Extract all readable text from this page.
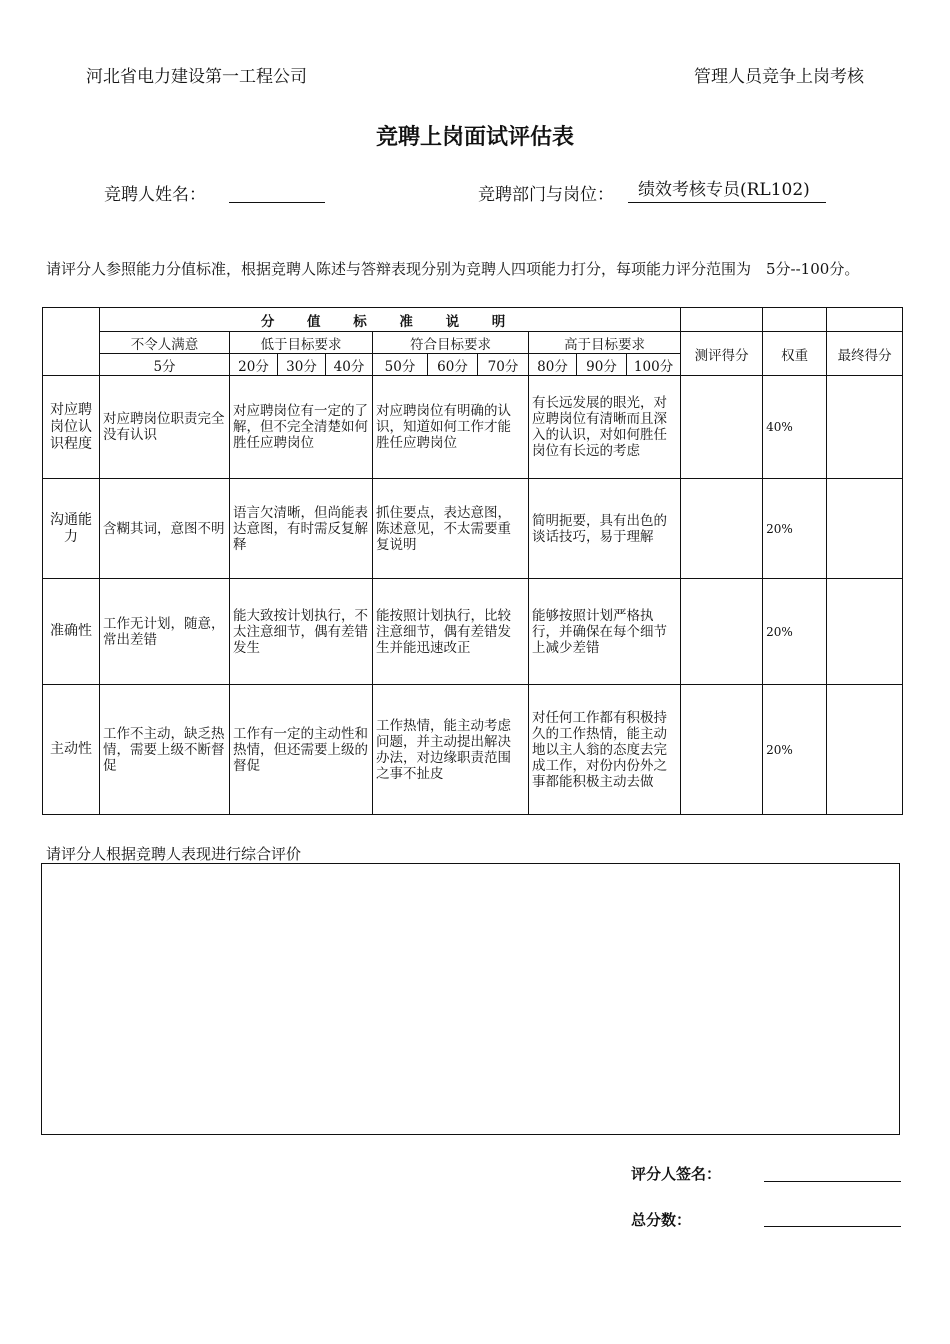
河北省电力建设第一工程公司	管理人员竞争上岗考核
竞聘上岗面试评估表
竞聘人姓名：	竞聘部门与岗位：	绩效考核专员(RL102)
请评分人参照能力分值标准，根据竞聘人陈述与答辩表现分别为竞聘人四项能力打分，每项能力评分范围为　5分--100分。
	分 值 标 准 说 明												
	不令人满意	低于目标要求			符合目标要求			高于目标要求			测评得分	权重	最终得分
	5分	20分	30分	40分	50分	60分	70分	80分	90分	100分			
对应聘岗位认识程度	对应聘岗位职责完全没有认识	对应聘岗位有一定的了解，但不完全清楚如何胜任应聘岗位			对应聘岗位有明确的认识，知道如何工作才能胜任应聘岗位			有长远发展的眼光，对应聘岗位有清晰而且深入的认识，对如何胜任岗位有长远的考虑				40%	
沟通能力	含糊其词，意图不明	语言欠清晰，但尚能表达意图，有时需反复解释			抓住要点，表达意图，陈述意见，不太需要重复说明			简明扼要，具有出色的谈话技巧，易于理解				20%	
准确性	工作无计划，随意，常出差错	能大致按计划执行，不太注意细节，偶有差错发生			能按照计划执行，比较注意细节，偶有差错发生并能迅速改正			能够按照计划严格执行，并确保在每个细节上减少差错				20%	
主动性	工作不主动，缺乏热情，需要上级不断督促	工作有一定的主动性和热情，但还需要上级的督促			工作热情，能主动考虑问题，并主动提出解决办法，对边缘职责范围之事不扯皮			对任何工作都有积极持久的工作热情，能主动地以主人翁的态度去完成工作，对份内份外之事都能积极主动去做				20%	
请评分人根据竞聘人表现进行综合评价
评分人签名：
总分数：
